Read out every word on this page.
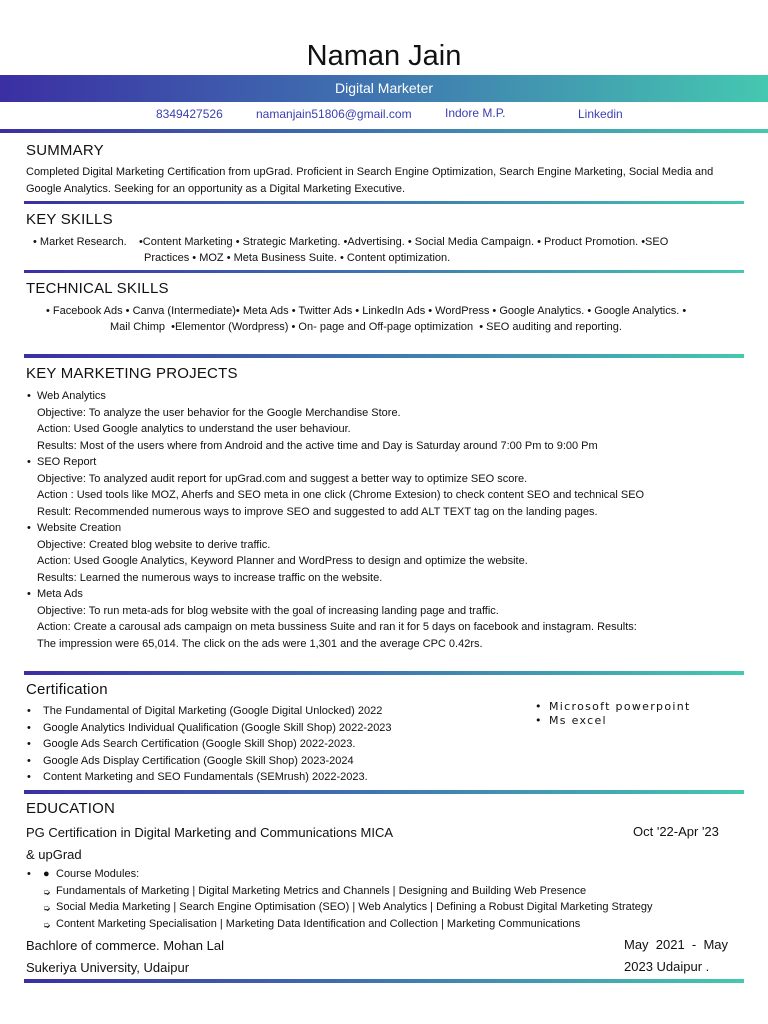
Naman Jain
Digital Marketer
8349427526	namanjain51806@gmail.com	Indore M.P.	Linkedin
SUMMARY
Completed Digital Marketing Certification from upGrad. Proficient in Search Engine Optimization, Search Engine Marketing, Social Media and Google Analytics. Seeking for an opportunity as a Digital Marketing Executive.
KEY SKILLS
• Market Research.    •Content Marketing • Strategic Marketing. •Advertising. • Social Media Campaign. • Product Promotion. •SEO
Practices • MOZ • Meta Business Suite. • Content optimization.
TECHNICAL SKILLS
• Facebook Ads • Canva (Intermediate)• Meta Ads • Twitter Ads • LinkedIn Ads • WordPress • Google Analytics. • Google Analytics. •
Mail Chimp  •Elementor (Wordpress) • On- page and Off-page optimization  • SEO auditing and reporting.
KEY MARKETING PROJECTS
• Web Analytics
Objective: To analyze the user behavior for the Google Merchandise Store.
Action: Used Google analytics to understand the user behaviour.
Results: Most of the users where from Android and the active time and Day is Saturday around 7:00 Pm to 9:00 Pm
• SEO Report
Objective: To analyzed audit report for upGrad.com and suggest a better way to optimize SEO score.
Action : Used tools like MOZ, Aherfs and SEO meta in one click (Chrome Extesion) to check content SEO and technical SEO
Result: Recommended numerous ways to improve SEO and suggested to add ALT TEXT tag on the landing pages.
• Website Creation
Objective: Created blog website to derive traffic.
Action: Used Google Analytics, Keyword Planner and WordPress to design and optimize the website.
Results: Learned the numerous ways to increase traffic on the website.
• Meta Ads
Objective: To run meta-ads for blog website with the goal of increasing landing page and traffic.
Action: Create a carousal ads campaign on meta bussiness Suite and ran it for 5 days on facebook and instagram. Results:
The impression were 65,014. The click on the ads were 1,301 and the average CPC 0.42rs.
Certification
• The Fundamental of Digital Marketing (Google Digital Unlocked) 2022
• Google Analytics Individual Qualification (Google Skill Shop) 2022-2023
• Google Ads Search Certification (Google Skill Shop) 2022-2023.
• Google Ads Display Certification (Google Skill Shop) 2023-2024
• Content Marketing and SEO Fundamentals (SEMrush) 2022-2023.
• Microsoft powerpoint
• Ms excel
EDUCATION
PG Certification in Digital Marketing and Communications MICA
& upGrad
Oct '22-Apr '23
• ● Course Modules:
➭ Fundamentals of Marketing | Digital Marketing Metrics and Channels | Designing and Building Web Presence
➭ Social Media Marketing | Search Engine Optimisation (SEO) | Web Analytics | Defining a Robust Digital Marketing Strategy
➭ Content Marketing Specialisation | Marketing Data Identification and Collection | Marketing Communications
Bachlore of commerce. Mohan Lal
Sukeriya University, Udaipur
May  2021  -  May
2023 Udaipur .
